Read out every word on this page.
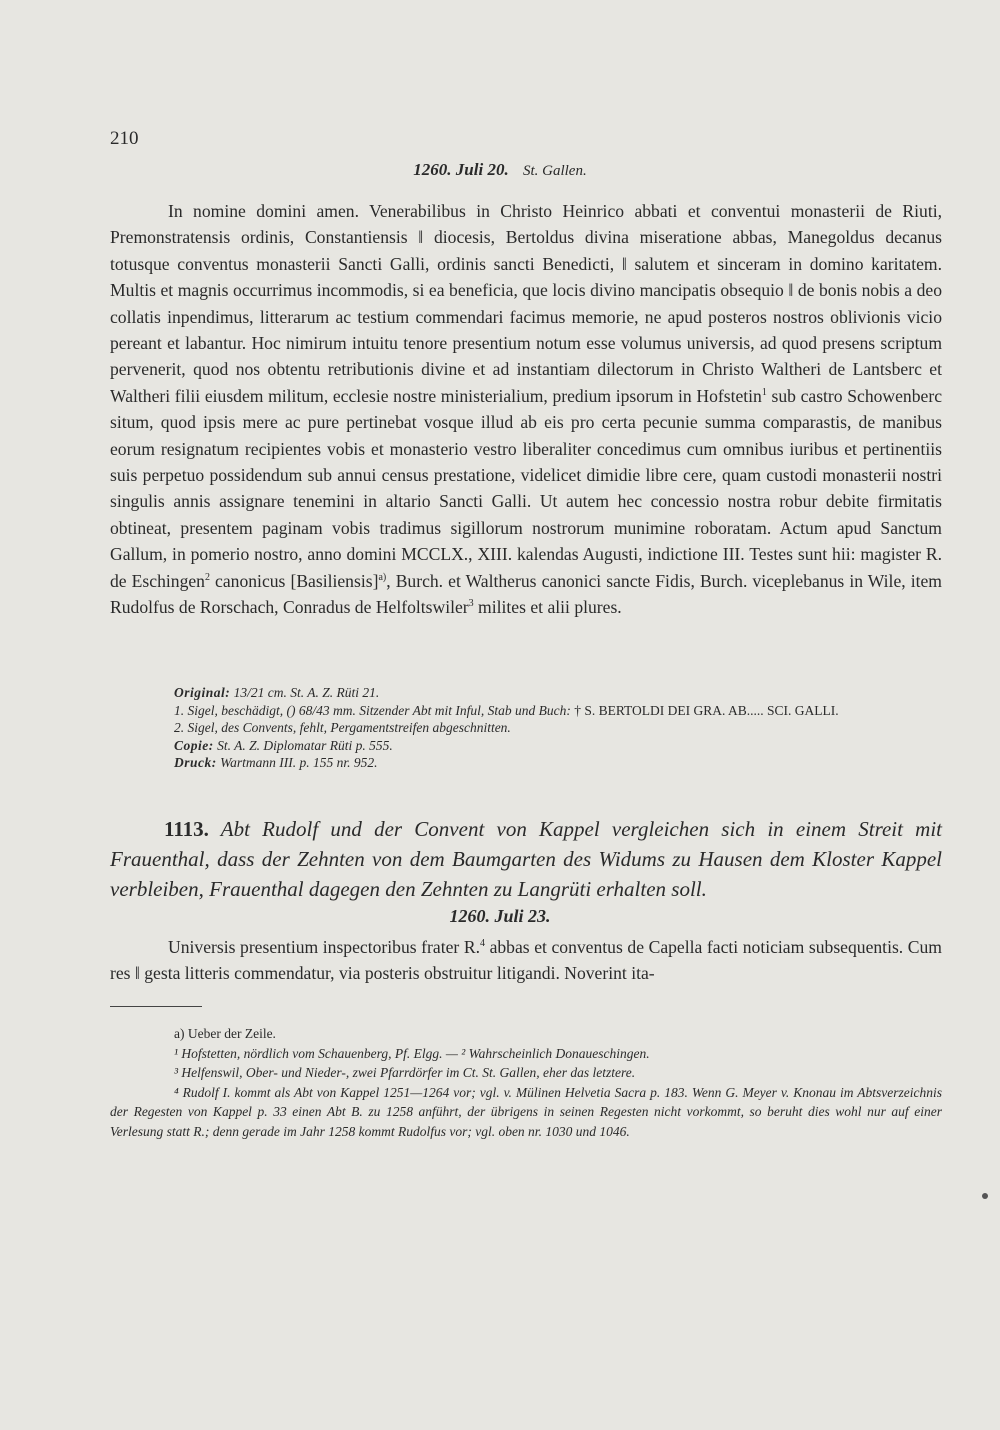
210
1260. Juli 20. St. Gallen.

In nomine domini amen. Venerabilibus in Christo Heinrico abbati et conventui monasterii de Riuti, Premonstratensis ordinis, Constantiensis ‖ diocesis, Bertoldus divina miseratione abbas, Manegoldus decanus totusque conventus monasterii Sancti Galli, ordinis sancti Benedicti, ‖ salutem et sinceram in domino karitatem. Multis et magnis occurrimus incommodis, si ea beneficia, que locis divino mancipatis obsequio ‖ de bonis nobis a deo collatis inpendimus, litterarum ac testium commendari facimus memorie, ne apud posteros nostros oblivionis vicio pereant et labantur. Hoc nimirum intuitu tenore presentium notum esse volumus universis, ad quod presens scriptum pervenerit, quod nos obtentu retributionis divine et ad instantiam dilectorum in Christo Waltheri de Lantsberc et Waltheri filii eiusdem militum, ecclesie nostre ministerialium, predium ipsorum in Hofstetin$^1$ sub castro Schowenberc situm, quod ipsis mere ac pure pertinebat vosque illud ab eis pro certa pecunie summa comparastis, de manibus eorum resignatum recipientes vobis et monasterio vestro liberaliter concedimus cum omnibus iuribus et pertinentiis suis perpetuo possidendum sub annui census prestatione, videlicet dimidie libre cere, quam custodi monasterii nostri singulis annis assignare tenemini in altario Sancti Galli. Ut autem hec concessio nostra robur debite firmitatis obtineat, presentem paginam vobis tradimus sigillorum nostrorum munimine roboratam. Actum apud Sanctum Gallum, in pomerio nostro, anno domini MCCLX., XIII. kalendas Augusti, indictione III. Testes sunt hii: magister R. de Eschingen$^2$ canonicus [Basiliensis]$^{a)}$, Burch. et Waltherus canonici sancte Fidis, Burch. viceplebanus in Wile, item Rudolfus de Rorschach, Conradus de Helfoltswiler$^3$ milites et alii plures.

Original: 13/21 cm. St. A. Z. Rüti 21.
1. Sigel, beschädigt, () 68/43 mm. Sitzender Abt mit Inful, Stab und Buch: † S. BERTOLDI DEI GRA. AB..... SCI. GALLI.
2. Sigel, des Convents, fehlt, Pergamentstreifen abgeschnitten.
Copie: St. A. Z. Diplomatar Rüti p. 555.
Druck: Wartmann III. p. 155 nr. 952.

1113. Abt Rudolf und der Convent von Kappel vergleichen sich in einem Streit mit Frauenthal, dass der Zehnten von dem Baumgarten des Widums zu Hausen dem Kloster Kappel verbleiben, Frauenthal dagegen den Zehnten zu Langrüti erhalten soll.

1260. Juli 23.

Universis presentium inspectoribus frater R.$^4$ abbas et conventus de Capella facti noticiam subsequentis. Cum res ‖ gesta litteris commendatur, via posteris obstruitur litigandi. Noverint ita-

a) Ueber der Zeile.
¹ Hofstetten, nördlich vom Schauenberg, Pf. Elgg. — ² Wahrscheinlich Donaueschingen.
³ Helfenswil, Ober- und Nieder-, zwei Pfarrdörfer im Ct. St. Gallen, eher das letztere.
⁴ Rudolf I. kommt als Abt von Kappel 1251—1264 vor; vgl. v. Mülinen Helvetia Sacra p. 183. Wenn G. Meyer v. Knonau im Abtsverzeichnis der Regesten von Kappel p. 33 einen Abt B. zu 1258 anführt, der übrigens in seinen Regesten nicht vorkommt, so beruht dies wohl nur auf einer Verlesung statt R.; denn gerade im Jahr 1258 kommt Rudolfus vor; vgl. oben nr. 1030 und 1046.
